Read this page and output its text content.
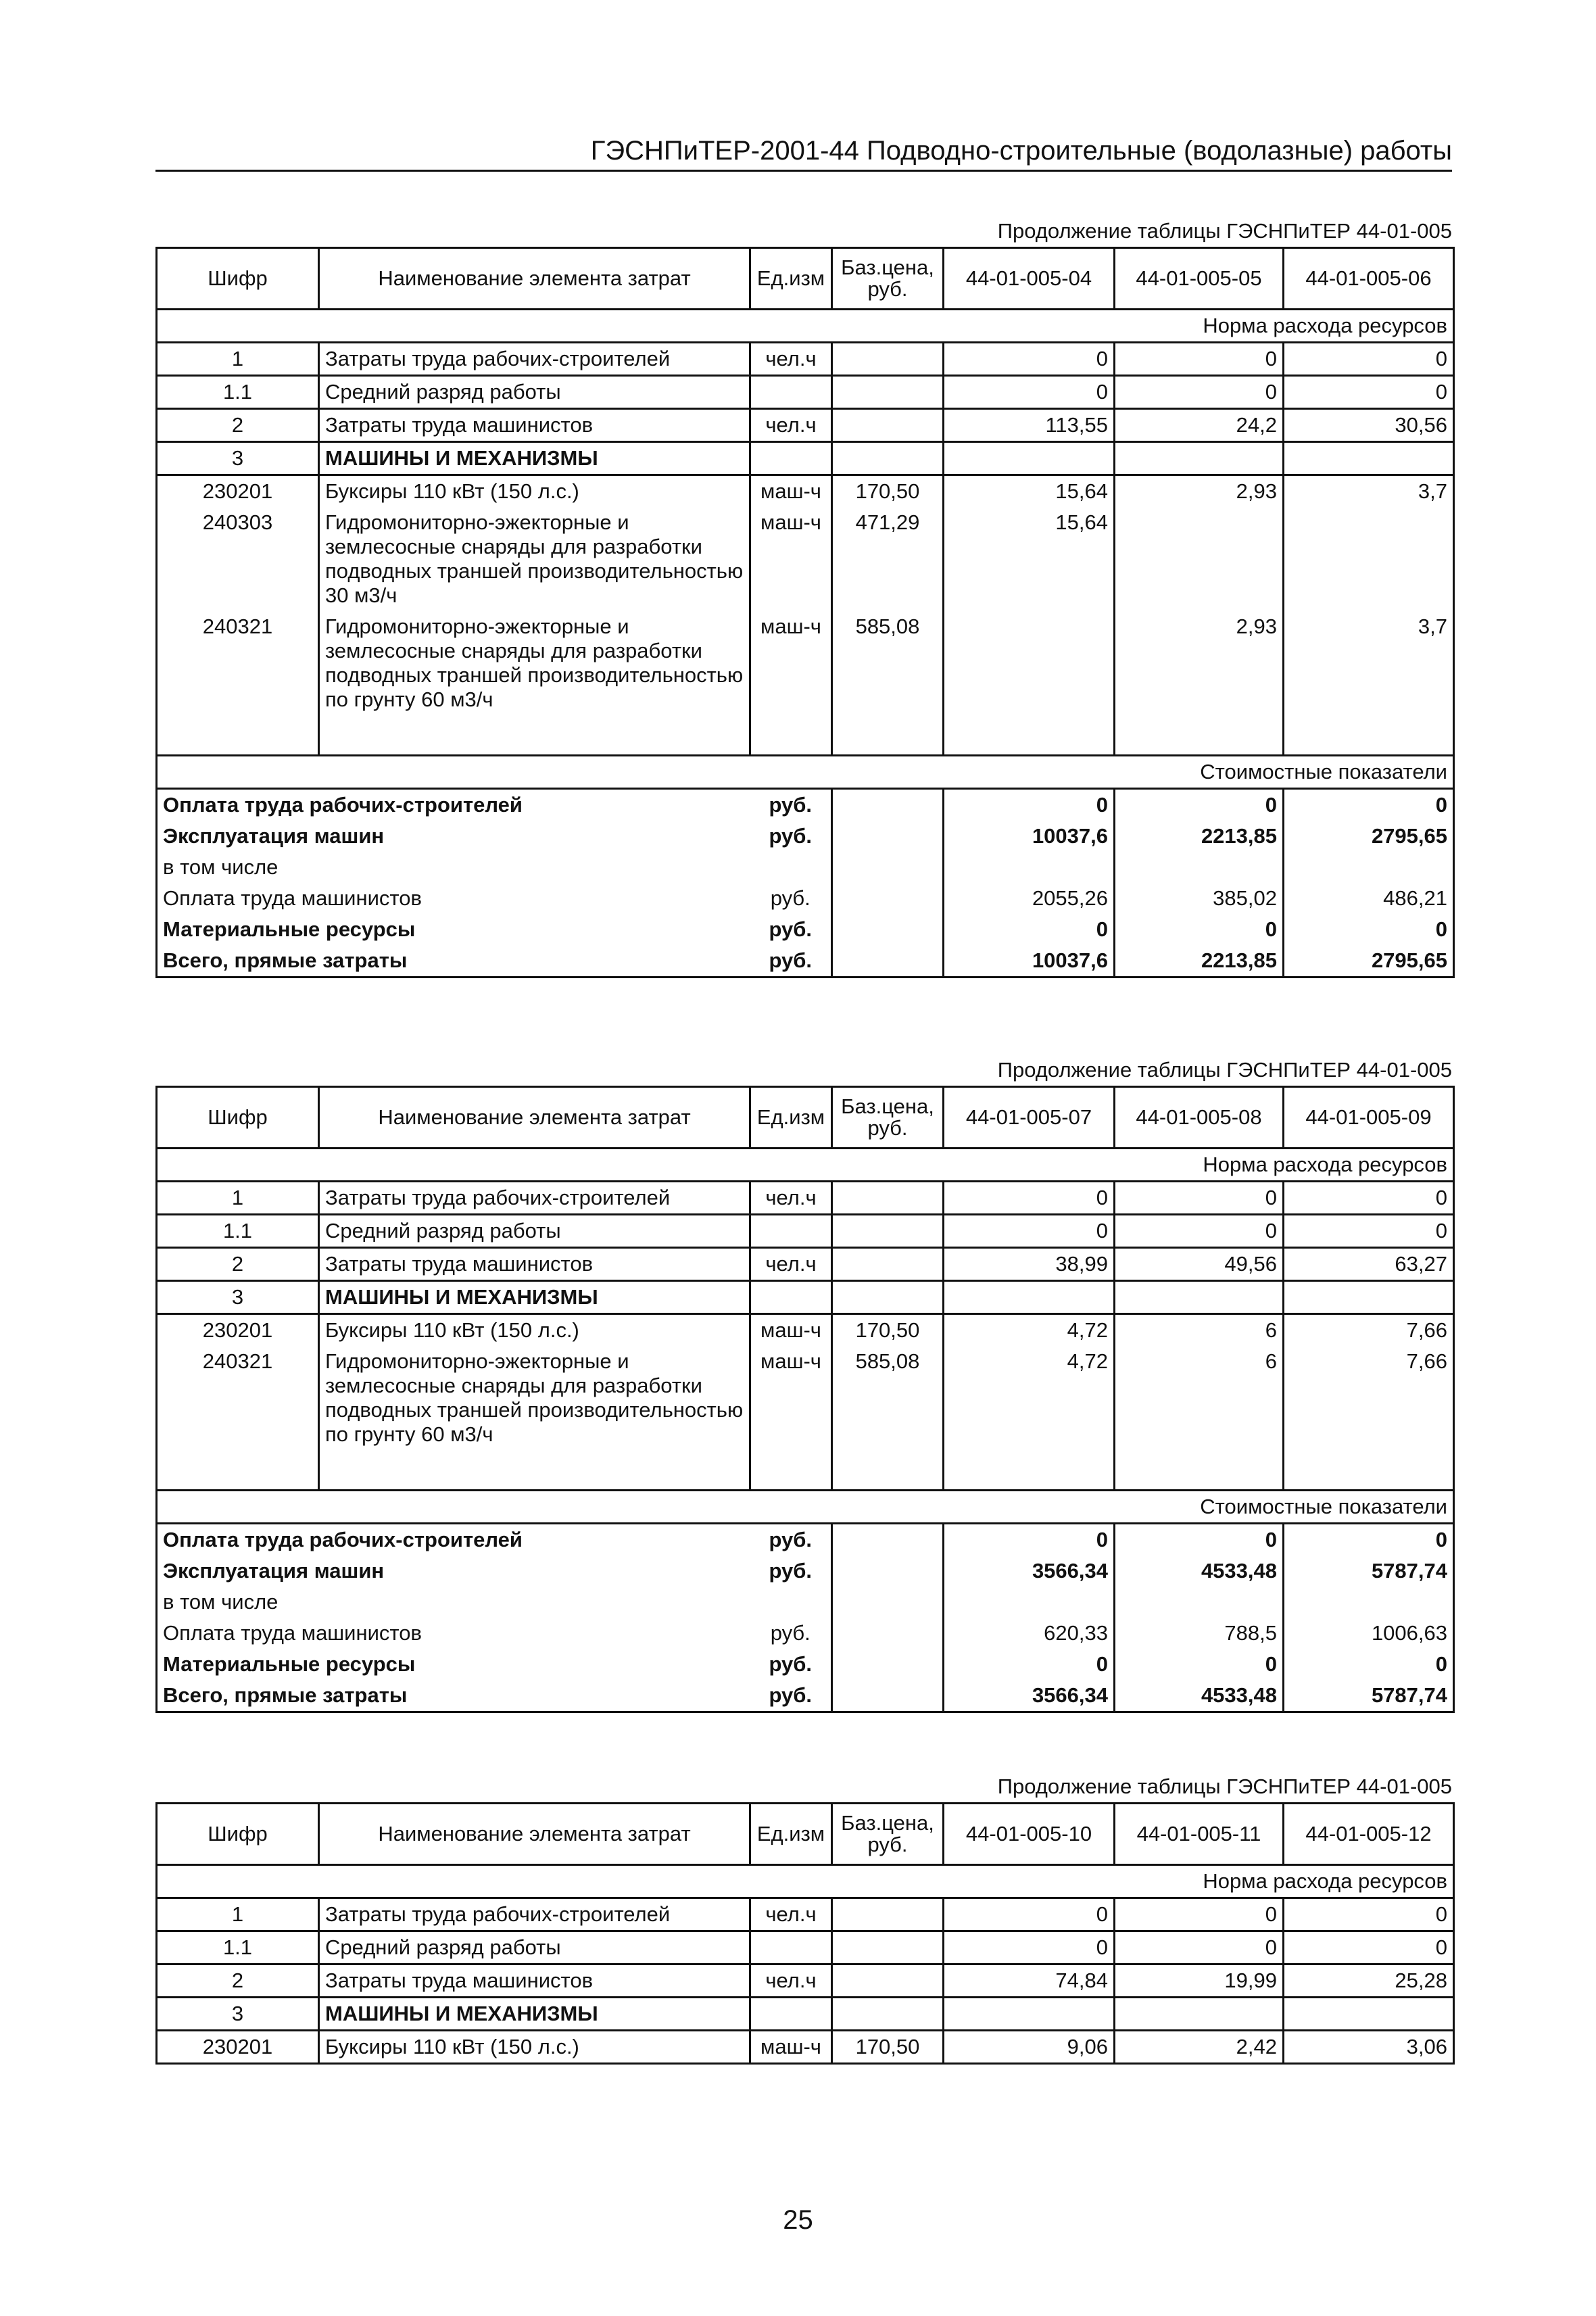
ГЭСНПиТЕР-2001-44 Подводно-строительные (водолазные) работы
Продолжение таблицы ГЭСНПиТЕР 44-01-005
Шифр	Наименование элемента затрат	Ед.изм	Баз.цена, руб.	44-01-005-04	44-01-005-05	44-01-005-06
Норма расхода ресурсов						
1	Затраты труда рабочих-строителей	чел.ч		0	0	0
1.1	Средний разряд работы			0	0	0
2	Затраты труда машинистов	чел.ч		113,55	24,2	30,56
3	МАШИНЫ И МЕХАНИЗМЫ					
230201	Буксиры 110 кВт (150 л.с.)	маш-ч	170,50	15,64	2,93	3,7
240303	Гидромониторно-эжекторные и землесосные снаряды для разработки подводных траншей производительностью 30 м3/ч	маш-ч	471,29	15,64		
240321	Гидромониторно-эжекторные и землесосные снаряды для разработки подводных траншей производительностью по грунту 60 м3/ч	маш-ч	585,08		2,93	3,7

Стоимостные показатели						
Оплата труда рабочих-строителей		руб.		0	0	0
Эксплуатация машин		руб.		10037,6	2213,85	2795,65
в том числе						
Оплата труда машинистов		руб.		2055,26	385,02	486,21
Материальные ресурсы		руб.		0	0	0
Всего, прямые затраты		руб.		10037,6	2213,85	2795,65
Продолжение таблицы ГЭСНПиТЕР 44-01-005
Шифр	Наименование элемента затрат	Ед.изм	Баз.цена, руб.	44-01-005-07	44-01-005-08	44-01-005-09
Норма расхода ресурсов						
1	Затраты труда рабочих-строителей	чел.ч		0	0	0
1.1	Средний разряд работы			0	0	0
2	Затраты труда машинистов	чел.ч		38,99	49,56	63,27
3	МАШИНЫ И МЕХАНИЗМЫ					
230201	Буксиры 110 кВт (150 л.с.)	маш-ч	170,50	4,72	6	7,66
240321	Гидромониторно-эжекторные и землесосные снаряды для разработки подводных траншей производительностью по грунту 60 м3/ч	маш-ч	585,08	4,72	6	7,66

Стоимостные показатели						
Оплата труда рабочих-строителей		руб.		0	0	0
Эксплуатация машин		руб.		3566,34	4533,48	5787,74
в том числе						
Оплата труда машинистов		руб.		620,33	788,5	1006,63
Материальные ресурсы		руб.		0	0	0
Всего, прямые затраты		руб.		3566,34	4533,48	5787,74
Продолжение таблицы ГЭСНПиТЕР 44-01-005
Шифр	Наименование элемента затрат	Ед.изм	Баз.цена, руб.	44-01-005-10	44-01-005-11	44-01-005-12
Норма расхода ресурсов						
1	Затраты труда рабочих-строителей	чел.ч		0	0	0
1.1	Средний разряд работы			0	0	0
2	Затраты труда машинистов	чел.ч		74,84	19,99	25,28
3	МАШИНЫ И МЕХАНИЗМЫ					
230201	Буксиры 110 кВт (150 л.с.)	маш-ч	170,50	9,06	2,42	3,06
25
